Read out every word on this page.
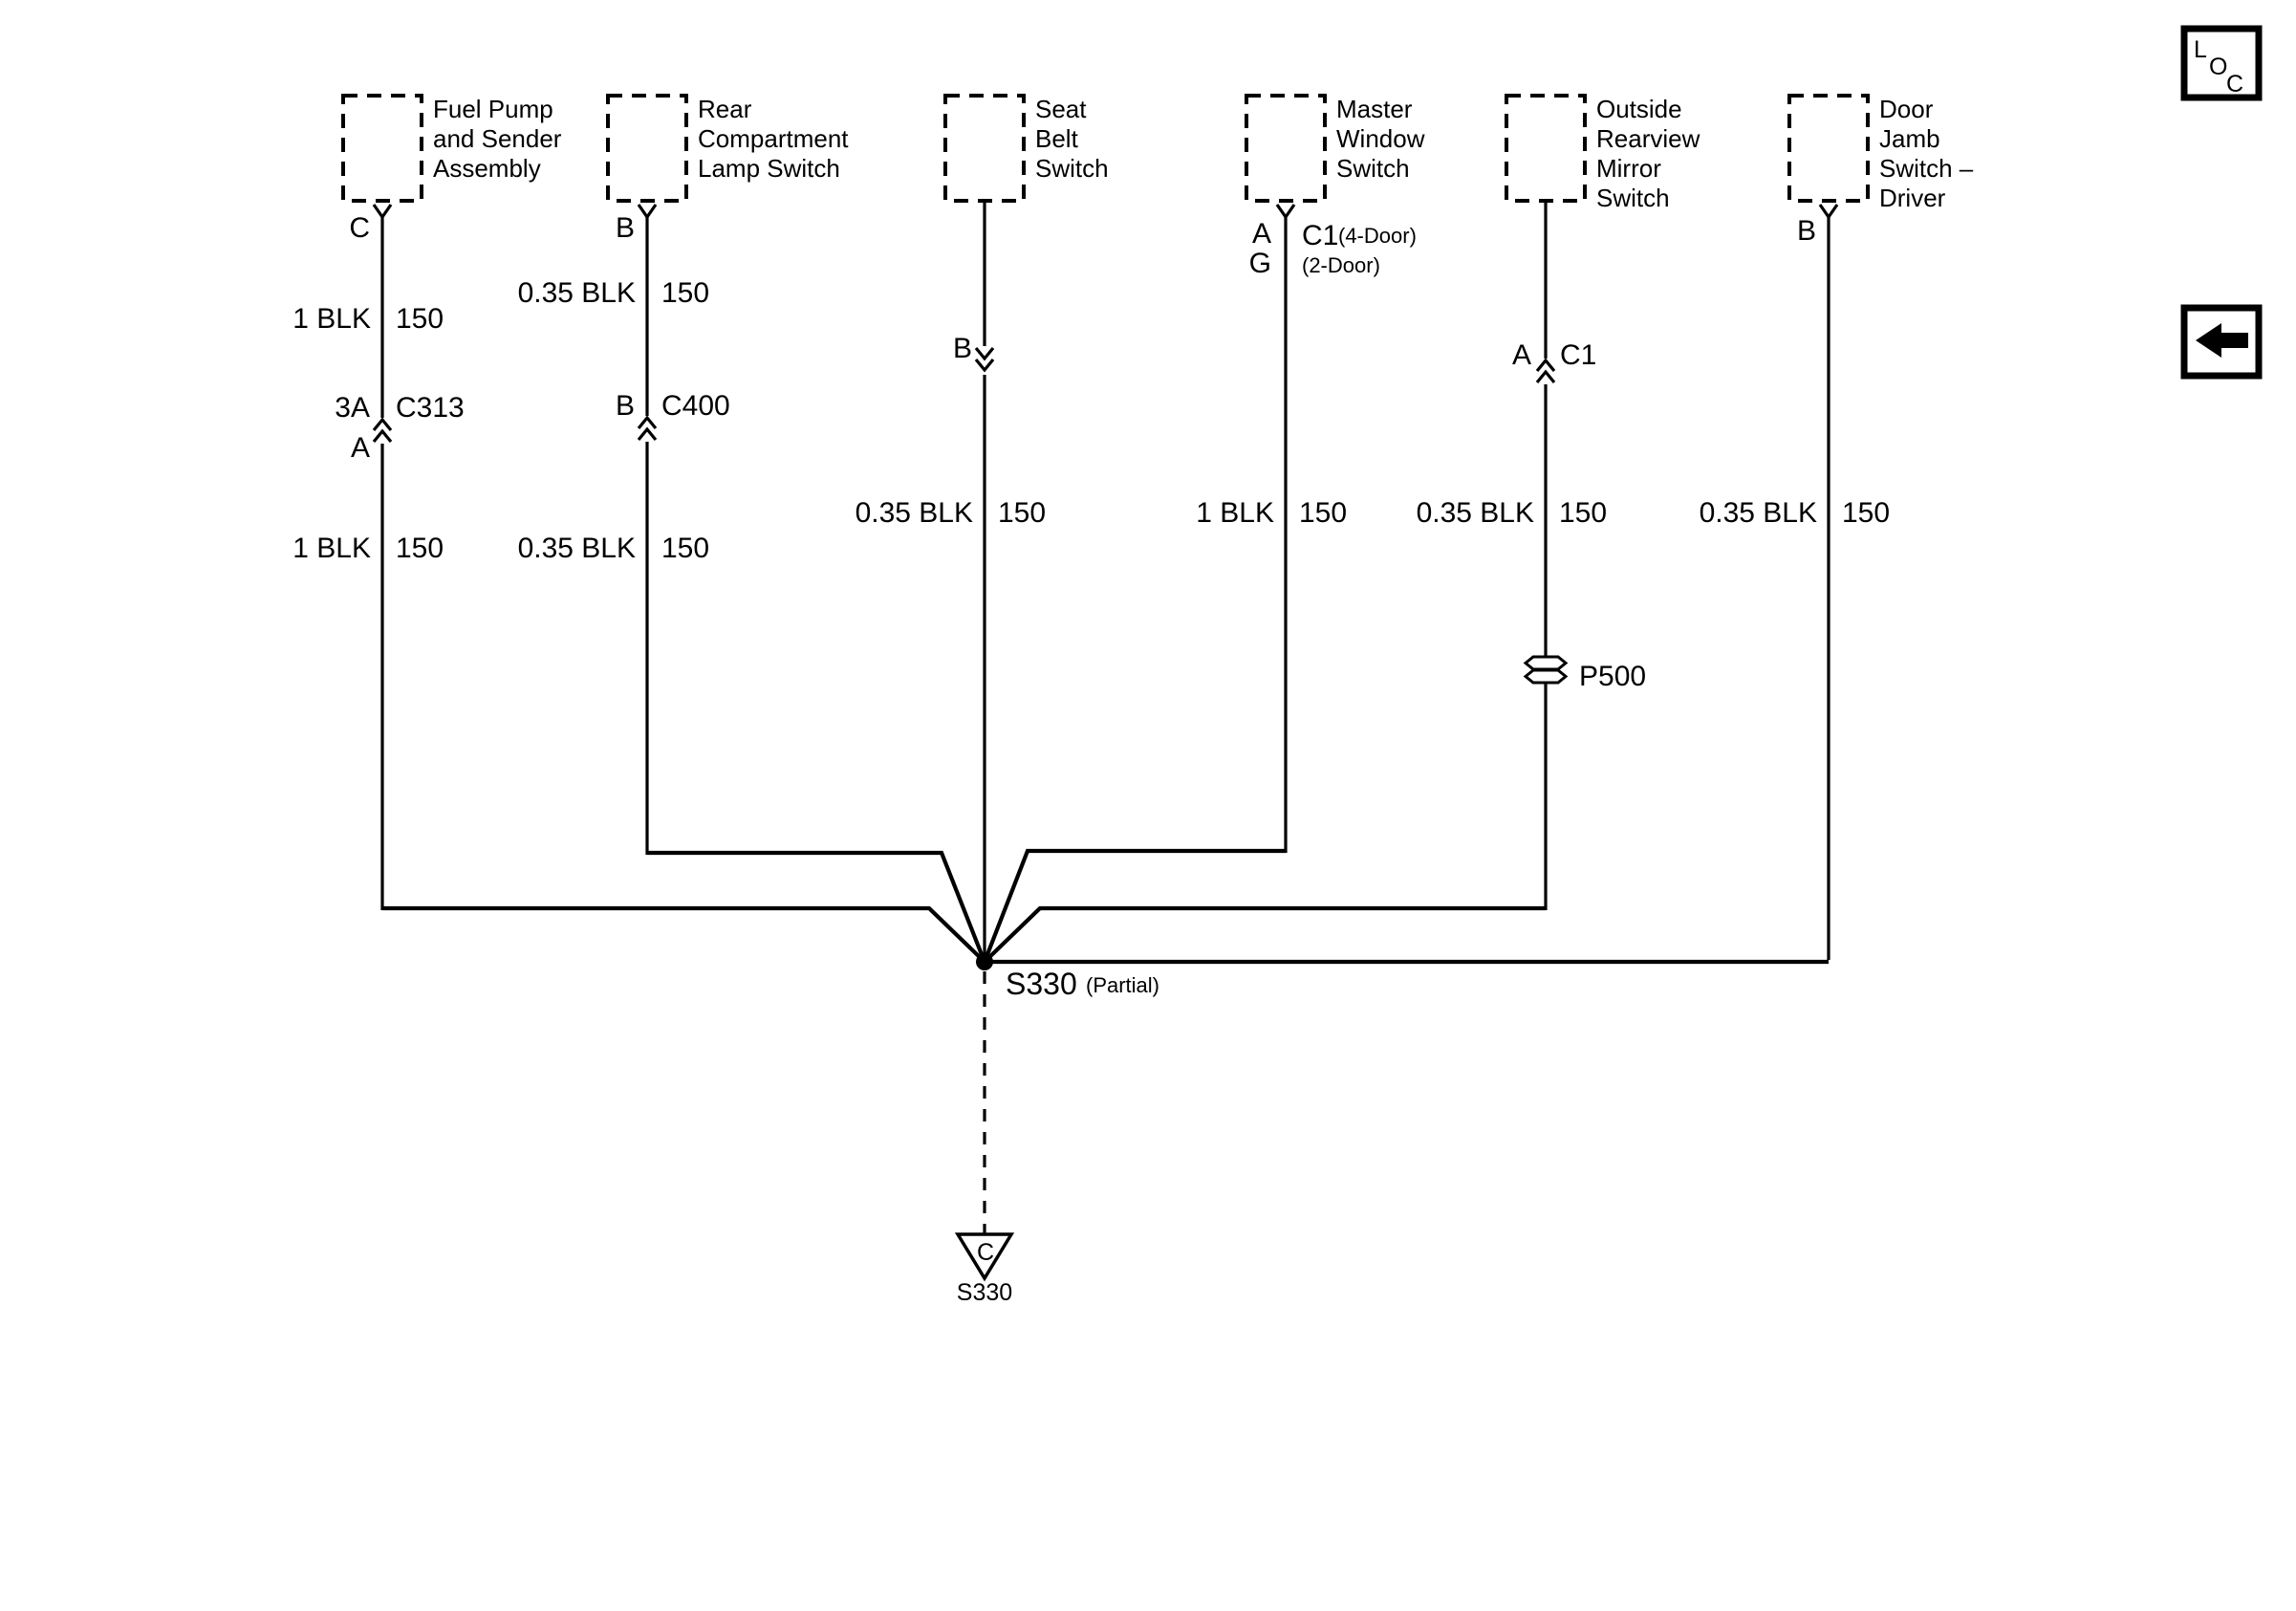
Fuel Pump
and Sender
Assembly
C
Rear
Compartment
Lamp Switch
B
Seat
Belt
Switch
Master
Window
Switch
A
G
C1 (4-Door)
(2-Door)
Outside
Rearview
Mirror
Switch
Door
Jamb
Switch –
Driver
B
1 BLK 150
3A C313
A
1 BLK 150
0.35 BLK 150
B C400
0.35 BLK 150
B
0.35 BLK 150	1 BLK 150
A C1
0.35 BLK 150
P500
0.35 BLK 150
S330 (Partial)
C
S330
L
O
C
